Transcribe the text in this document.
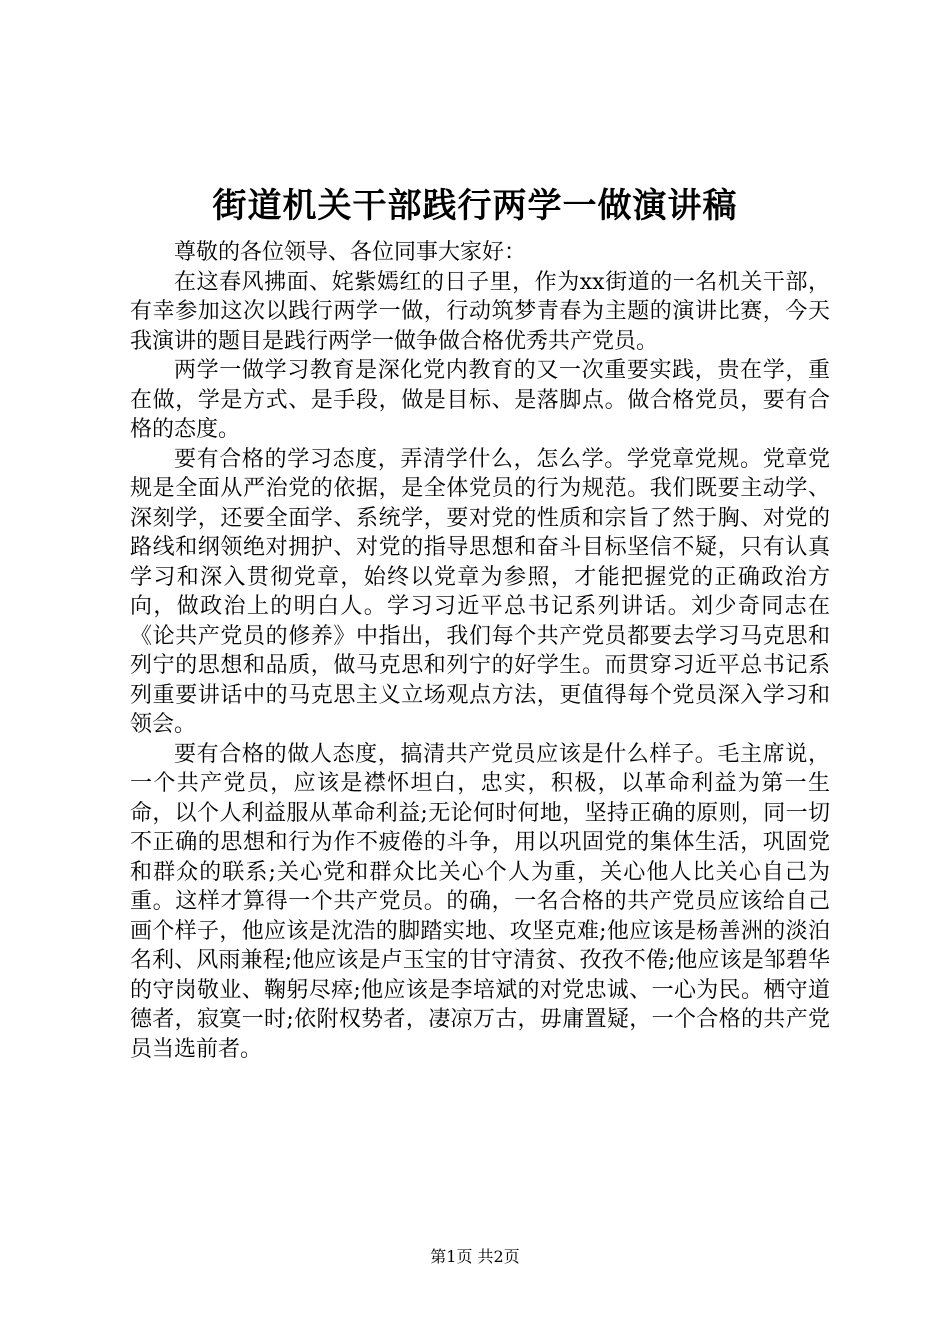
街道机关干部践行两学一做演讲稿

尊敬的各位领导、各位同事大家好：

在这春风拂面、姹紫嫣红的日子里，作为xx街道的一名机关干部，有幸参加这次以践行两学一做，行动筑梦青春为主题的演讲比赛，今天我演讲的题目是践行两学一做争做合格优秀共产党员。

两学一做学习教育是深化党内教育的又一次重要实践，贵在学，重在做，学是方式、是手段，做是目标、是落脚点。做合格党员，要有合格的态度。

要有合格的学习态度，弄清学什么，怎么学。学党章党规。党章党规是全面从严治党的依据，是全体党员的行为规范。我们既要主动学、深刻学，还要全面学、系统学，要对党的性质和宗旨了然于胸、对党的路线和纲领绝对拥护、对党的指导思想和奋斗目标坚信不疑，只有认真学习和深入贯彻党章，始终以党章为参照，才能把握党的正确政治方向，做政治上的明白人。学习习近平总书记系列讲话。刘少奇同志在《论共产党员的修养》中指出，我们每个共产党员都要去学习马克思和列宁的思想和品质，做马克思和列宁的好学生。而贯穿习近平总书记系列重要讲话中的马克思主义立场观点方法，更值得每个党员深入学习和领会。

要有合格的做人态度，搞清共产党员应该是什么样子。毛主席说，一个共产党员，应该是襟怀坦白，忠实，积极，以革命利益为第一生命，以个人利益服从革命利益;无论何时何地，坚持正确的原则，同一切不正确的思想和行为作不疲倦的斗争，用以巩固党的集体生活，巩固党和群众的联系;关心党和群众比关心个人为重，关心他人比关心自己为重。这样才算得一个共产党员。的确，一名合格的共产党员应该给自己画个样子，他应该是沈浩的脚踏实地、攻坚克难;他应该是杨善洲的淡泊名利、风雨兼程;他应该是卢玉宝的甘守清贫、孜孜不倦;他应该是邹碧华的守岗敬业、鞠躬尽瘁;他应该是李培斌的对党忠诚、一心为民。栖守道德者，寂寞一时;依附权势者，凄凉万古，毋庸置疑，一个合格的共产党员当选前者。

第1页 共2页
